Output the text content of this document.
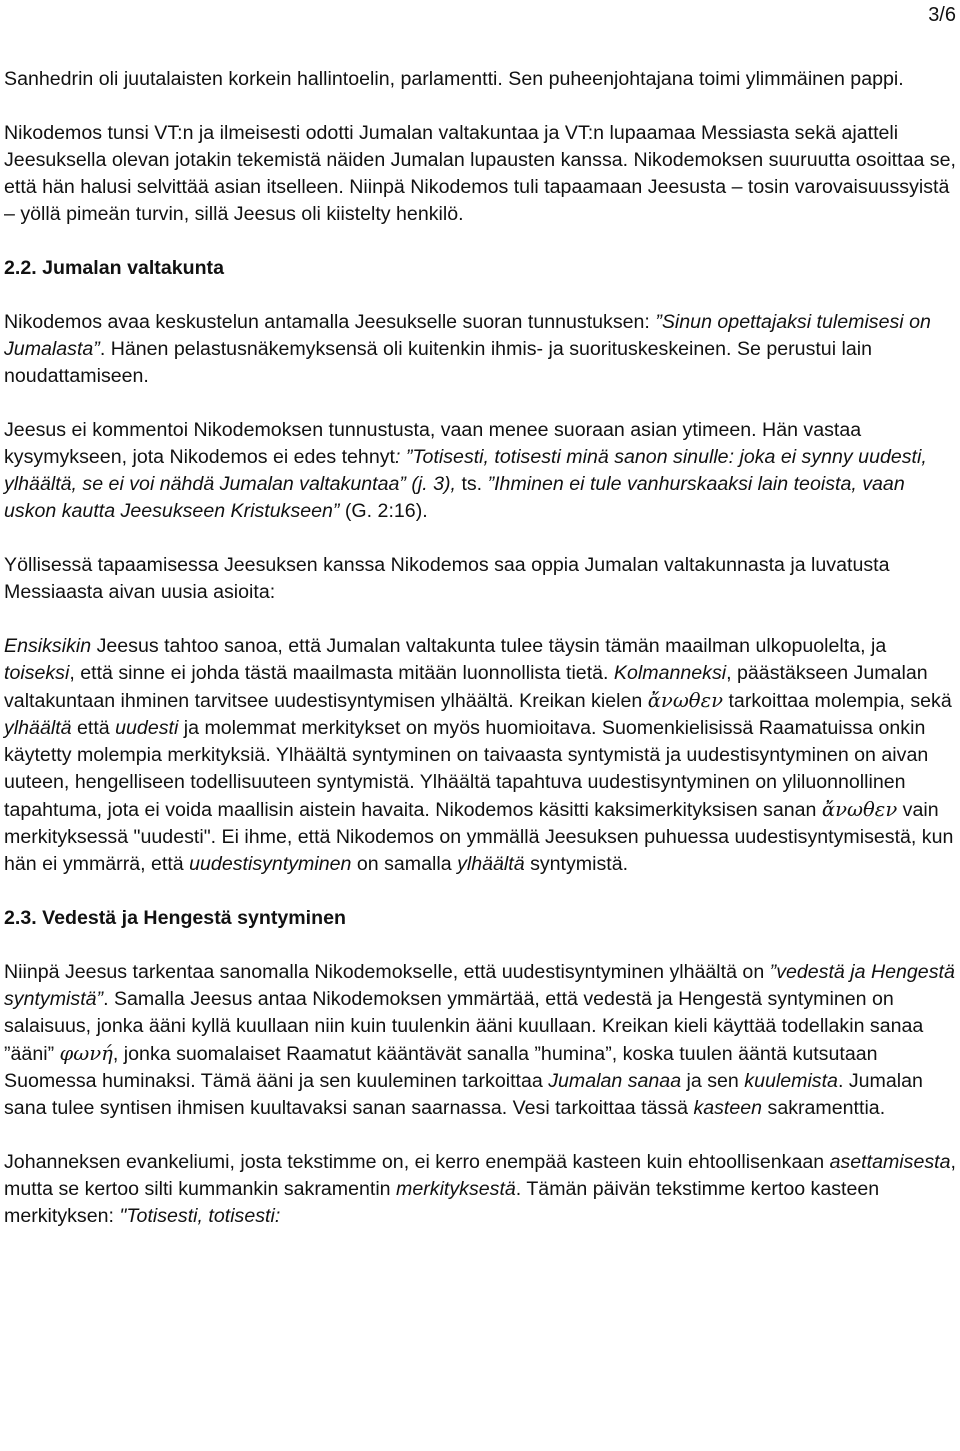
3/6

Sanhedrin oli juutalaisten korkein hallintoelin, parlamentti. Sen puheenjohtajana toimi ylimmäinen pappi.

Nikodemos tunsi VT:n ja ilmeisesti odotti Jumalan valtakuntaa ja VT:n lupaamaa Messiasta sekä ajatteli Jeesuksella olevan jotakin tekemistä näiden Jumalan lupausten kanssa. Nikodemoksen suuruutta osoittaa se, että hän halusi selvittää asian itselleen. Niinpä Nikodemos tuli tapaamaan Jeesusta – tosin varovaisuussyistä – yöllä pimeän turvin, sillä Jeesus oli kiistelty henkilö.

2.2. Jumalan valtakunta

Nikodemos avaa keskustelun antamalla Jeesukselle suoran tunnustuksen: ”Sinun opettajaksi tulemisesi on Jumalasta”. Hänen pelastusnäkemyksensä oli kuitenkin ihmis- ja suorituskeskeinen. Se perustui lain noudattamiseen.

Jeesus ei kommentoi Nikodemoksen tunnustusta, vaan menee suoraan asian ytimeen. Hän vastaa kysymykseen, jota Nikodemos ei edes tehnyt: ”Totisesti, totisesti minä sanon sinulle: joka ei synny uudesti, ylhäältä, se ei voi nähdä Jumalan valtakuntaa” (j. 3), ts. ”Ihminen ei tule vanhurskaaksi lain teoista, vaan uskon kautta Jeesukseen Kristukseen” (G. 2:16).

Yöllisessä tapaamisessa Jeesuksen kanssa Nikodemos saa oppia Jumalan valtakunnasta ja luvatusta Messiaasta aivan uusia asioita:

Ensiksikin Jeesus tahtoo sanoa, että Jumalan valtakunta tulee täysin tämän maailman ulkopuolelta, ja toiseksi, että sinne ei johda tästä maailmasta mitään luonnollista tietä. Kolmanneksi, päästäkseen Jumalan valtakuntaan ihminen tarvitsee uudestisyntymisen ylhäältä. Kreikan kielen ἄνωθεν tarkoittaa molempia, sekä ylhäältä että uudesti ja molemmat merkitykset on myös huomioitava. Suomenkielisissä Raamatuissa onkin käytetty molempia merkityksiä. Ylhäältä syntyminen on taivaasta syntymistä ja uudestisyntyminen on aivan uuteen, hengelliseen todellisuuteen syntymistä. Ylhäältä tapahtuva uudestisyntyminen on yliluonnollinen tapahtuma, jota ei voida maallisin aistein havaita. Nikodemos käsitti kaksimerkityksisen sanan ἄνωθεν vain merkityksessä "uudesti". Ei ihme, että Nikodemos on ymmällä Jeesuksen puhuessa uudestisyntymisestä, kun hän ei ymmärrä, että uudestisyntyminen on samalla ylhäältä syntymistä.

2.3. Vedestä ja Hengestä syntyminen

Niinpä Jeesus tarkentaa sanomalla Nikodemokselle, että uudestisyntyminen ylhäältä on ”vedestä ja Hengestä syntymistä”. Samalla Jeesus antaa Nikodemoksen ymmärtää, että vedestä ja Hengestä syntyminen on salaisuus, jonka ääni kyllä kuullaan niin kuin tuulenkin ääni kuullaan. Kreikan kieli käyttää todellakin sanaa ”ääni” φωνή, jonka suomalaiset Raamatut kääntävät sanalla ”humina”, koska tuulen ääntä kutsutaan Suomessa huminaksi. Tämä ääni ja sen kuuleminen tarkoittaa Jumalan sanaa ja sen kuulemista. Jumalan sana tulee syntisen ihmisen kuultavaksi sanan saarnassa. Vesi tarkoittaa tässä kasteen sakramenttia.

Johanneksen evankeliumi, josta tekstimme on, ei kerro enempää kasteen kuin ehtoollisenkaan asettamisesta, mutta se kertoo silti kummankin sakramentin merkityksestä. Tämän päivän tekstimme kertoo kasteen merkityksen: "Totisesti, totisesti:
